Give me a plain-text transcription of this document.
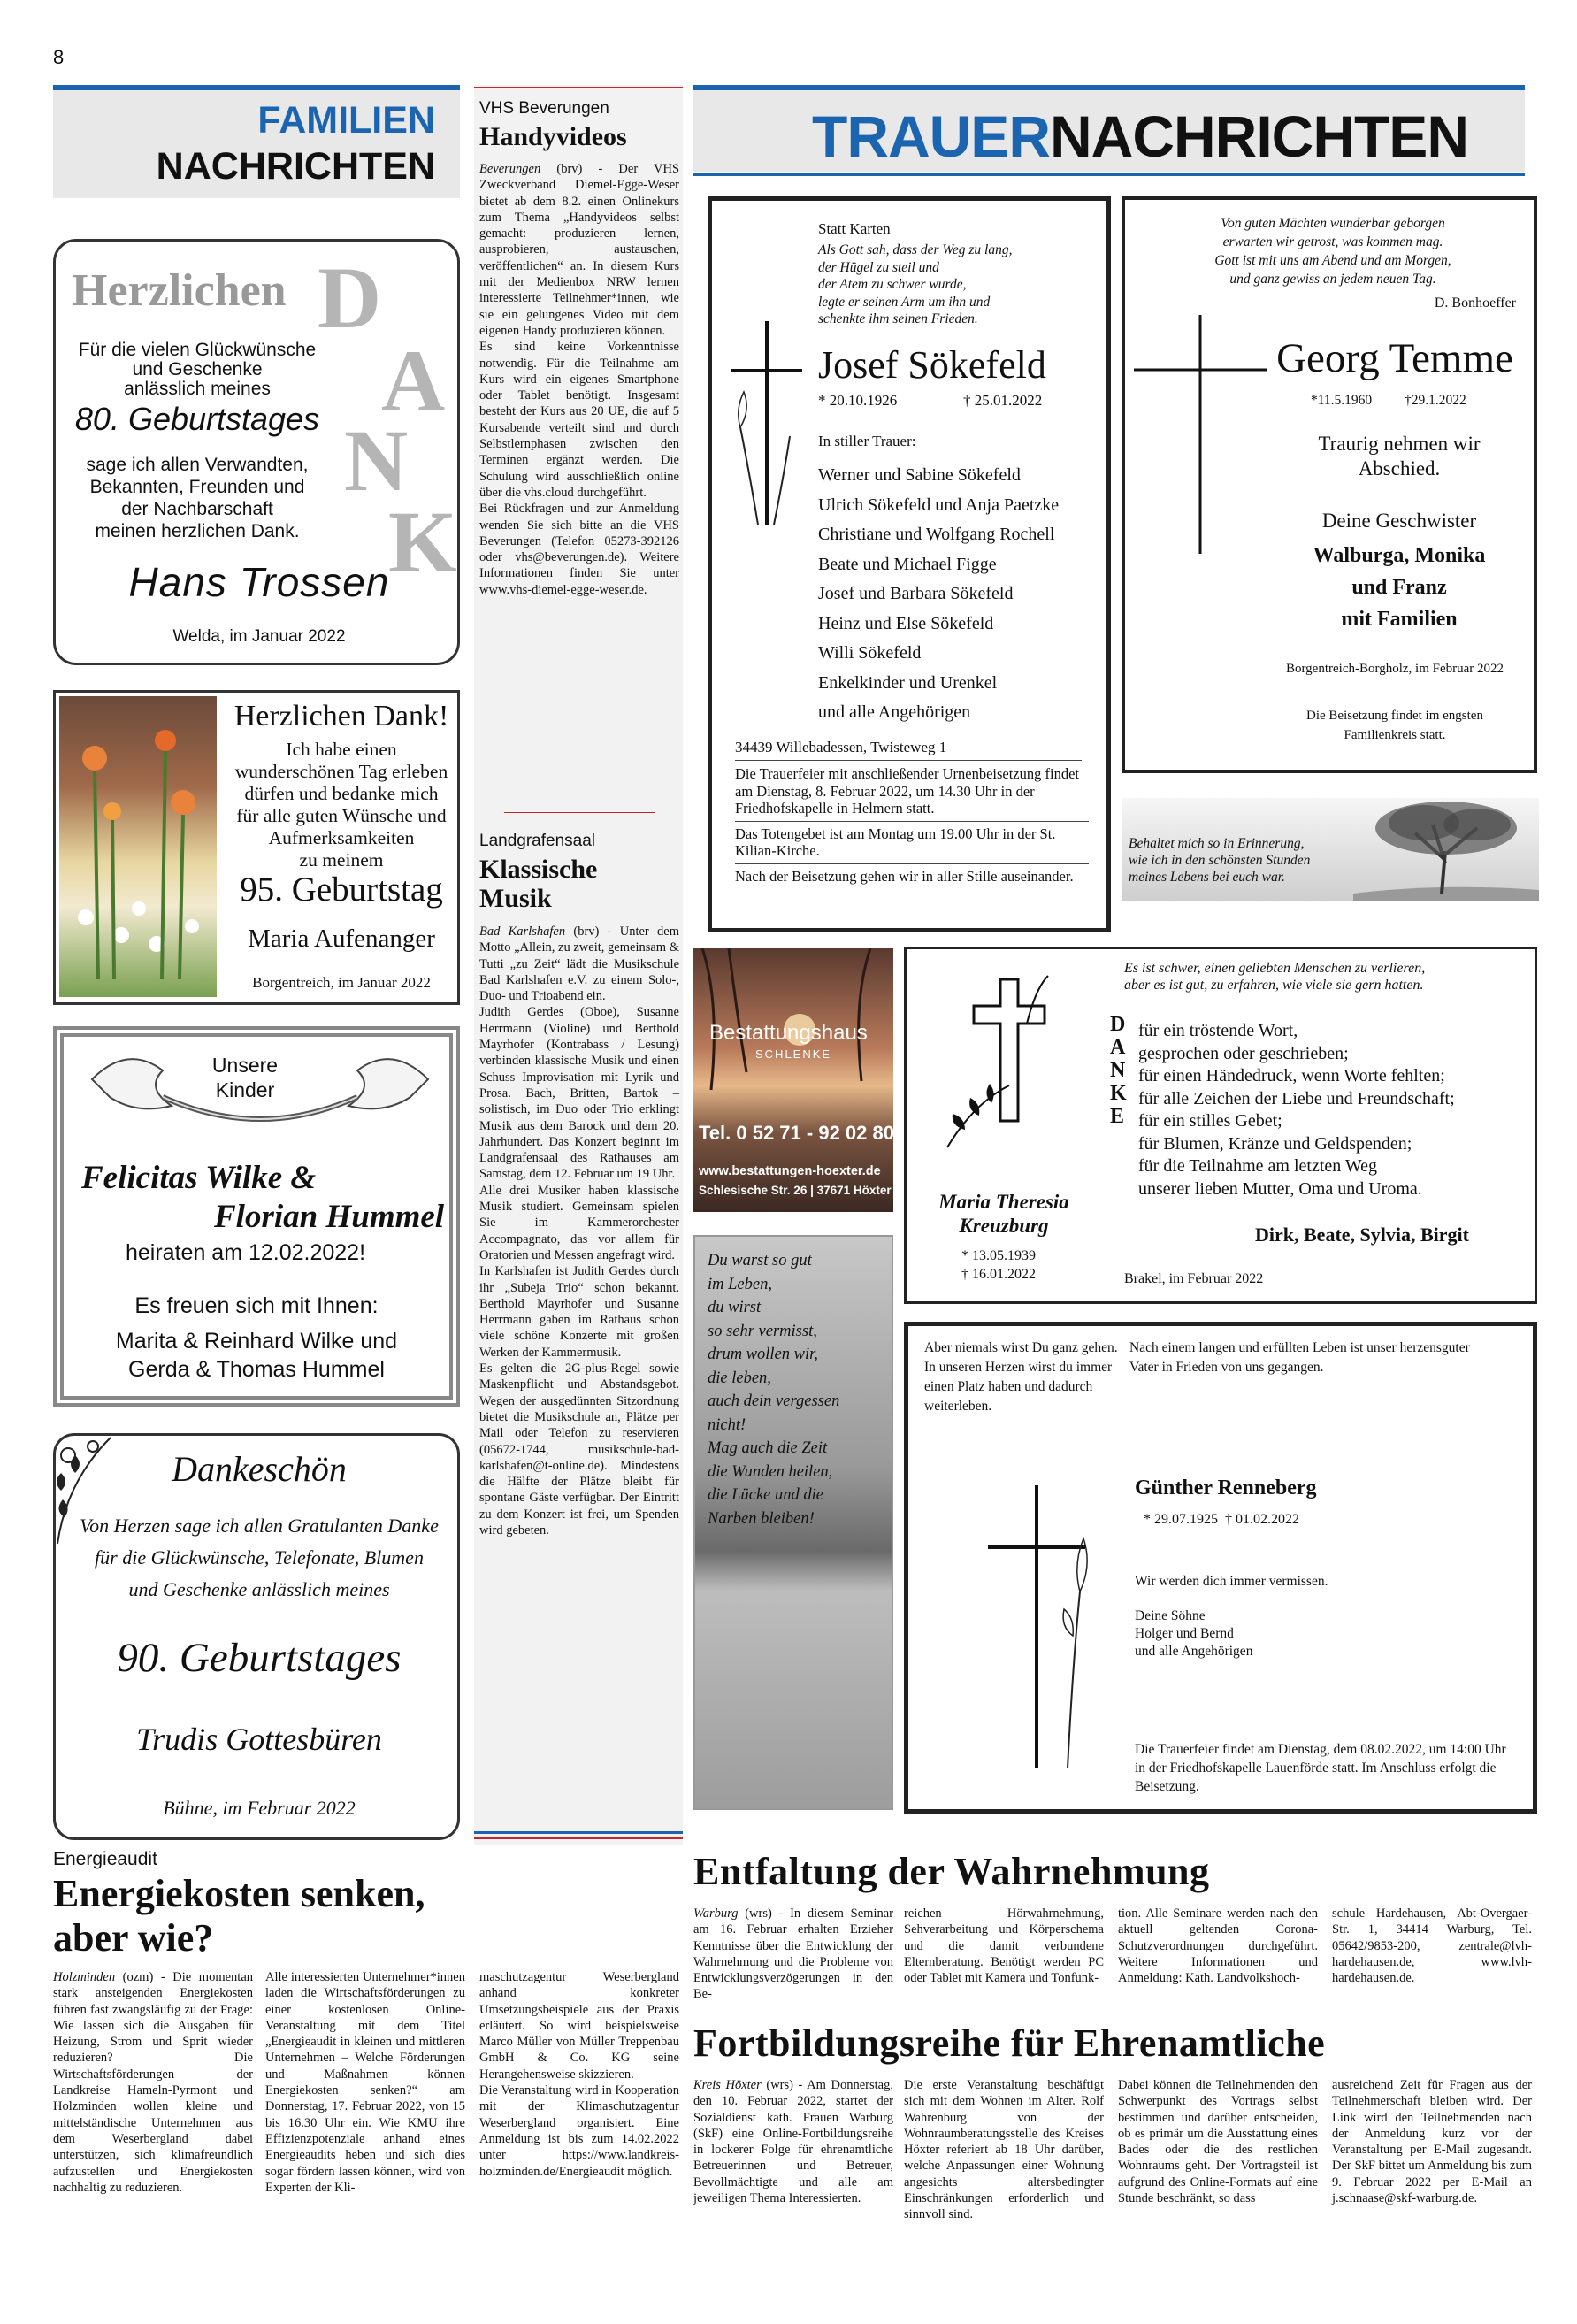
8
FAMILIEN
NACHRICHTEN
Herzlichen D
A
N
K
Für die vielen Glückwünsche
und Geschenke
anlässlich meines
80. Geburtstages
sage ich allen Verwandten,
Bekannten, Freunden und
der Nachbarschaft
meinen herzlichen Dank.
Hans Trossen
Welda, im Januar 2022
Herzlichen Dank!
Ich habe einen
wunderschönen Tag erleben
dürfen und bedanke mich
für alle guten Wünsche und
Aufmerksamkeiten
zu meinem
95. Geburtstag
Maria Aufenanger
Borgentreich, im Januar 2022
Unsere
Kinder
Felicitas Wilke &
Florian Hummel
heiraten am 12.02.2022!
Es freuen sich mit Ihnen:
Marita & Reinhard Wilke und
Gerda & Thomas Hummel
Dankeschön
Von Herzen sage ich allen Gratulanten Danke
für die Glückwünsche, Telefonate, Blumen
und Geschenke anlässlich meines
90. Geburtstages
Trudis Gottesbüren
Bühne, im Februar 2022
VHS Beverungen
Handyvideos

Beverungen (brv) - Der VHS Zweckverband Diemel-Egge-Weser bietet ab dem 8.2. einen Onlinekurs zum Thema „Handyvideos selbst gemacht: produzieren lernen, ausprobieren, austauschen, veröffentlichen“ an. In diesem Kurs mit der Medienbox NRW lernen interessierte Teilnehmer*innen, wie sie ein gelungenes Video mit dem eigenen Handy produzieren können.

Es sind keine Vorkenntnisse notwendig. Für die Teilnahme am Kurs wird ein eigenes Smartphone oder Tablet benötigt. Insgesamt besteht der Kurs aus 20 UE, die auf 5 Kursabende verteilt sind und durch Selbstlernphasen zwischen den Terminen ergänzt werden. Die Schulung wird ausschließlich online über die vhs.cloud durchgeführt.

Bei Rückfragen und zur Anmeldung wenden Sie sich bitte an die VHS Beverungen (Telefon 05273-392126 oder vhs@beverungen.de). Weitere Informationen finden Sie unter www.vhs-diemel-egge-weser.de.

Landgrafensaal
Klassische
Musik

Bad Karlshafen (brv) - Unter dem Motto „Allein, zu zweit, gemeinsam & Tutti „zu Zeit“ lädt die Musikschule Bad Karlshafen e.V. zu einem Solo-, Duo- und Trioabend ein.

Judith Gerdes (Oboe), Susanne Herrmann (Violine) und Berthold Mayrhofer (Kontrabass / Lesung) verbinden klassische Musik und einen Schuss Improvisation mit Lyrik und Prosa. Bach, Britten, Bartok – solistisch, im Duo oder Trio erklingt Musik aus dem Barock und dem 20. Jahrhundert. Das Konzert beginnt im Landgrafensaal des Rathauses am Samstag, dem 12. Februar um 19 Uhr.

Alle drei Musiker haben klassische Musik studiert. Gemeinsam spielen Sie im Kammerorchester Accompagnato, das vor allem für Oratorien und Messen angefragt wird.

In Karlshafen ist Judith Gerdes durch ihr „Subeja Trio“ schon bekannt. Berthold Mayrhofer und Susanne Herrmann gaben im Rathaus schon viele schöne Konzerte mit großen Werken der Kammermusik.

Es gelten die 2G-plus-Regel sowie Maskenpflicht und Abstandsgebot. Wegen der ausgedünnten Sitzordnung bietet die Musikschule an, Plätze per Mail oder Telefon zu reservieren (05672-1744, musikschule-bad-karlshafen@t-online.de). Mindestens die Hälfte der Plätze bleibt für spontane Gäste verfügbar. Der Eintritt zu dem Konzert ist frei, um Spenden wird gebeten.

TRAUERNACHRICHTEN
Statt Karten
Als Gott sah, dass der Weg zu lang,
der Hügel zu steil und
der Atem zu schwer wurde,
legte er seinen Arm um ihn und
schenkte ihm seinen Frieden.
Josef Sökefeld
* 20.10.1926	† 25.01.2022
In stiller Trauer:
Werner und Sabine Sökefeld
Ulrich Sökefeld und Anja Paetzke
Christiane und Wolfgang Rochell
Beate und Michael Figge
Josef und Barbara Sökefeld
Heinz und Else Sökefeld
Willi Sökefeld
Enkelkinder und Urenkel
und alle Angehörigen
34439 Willebadessen, Twisteweg 1

Die Trauerfeier mit anschließender Urnenbeisetzung findet am Dienstag, 8. Februar 2022, um 14.30 Uhr in der Friedhofskapelle in Helmern statt.

Das Totengebet ist am Montag um 19.00 Uhr in der St. Kilian-Kirche.

Nach der Beisetzung gehen wir in aller Stille auseinander.

Von guten Mächten wunderbar geborgen
erwarten wir getrost, was kommen mag.
Gott ist mit uns am Abend und am Morgen,
und ganz gewiss an jedem neuen Tag.
D. Bonhoeffer
Georg Temme
*11.5.1960 †29.1.2022
Traurig nehmen wir
Abschied.
Deine Geschwister
Walburga, Monika
und Franz
mit Familien
Borgentreich-Borgholz, im Februar 2022
Die Beisetzung findet im engsten
Familienkreis statt.
Behaltet mich so in Erinnerung,
wie ich in den schönsten Stunden
meines Lebens bei euch war.
Bestattungshaus
SCHLENKE
Tel. 0 52 71 - 92 02 80
www.bestattungen-hoexter.de
Schlesische Str. 26 | 37671 Höxter
Es ist schwer, einen geliebten Menschen zu verlieren,
aber es ist gut, zu erfahren, wie viele sie gern hatten.
D
A
N
K
E
für ein tröstende Wort,
gesprochen oder geschrieben;
für einen Händedruck, wenn Worte fehlten;
für alle Zeichen der Liebe und Freundschaft;
für ein stilles Gebet;
für Blumen, Kränze und Geldspenden;
für die Teilnahme am letzten Weg
unserer lieben Mutter, Oma und Uroma.
Maria Theresia
Kreuzburg
* 13.05.1939
† 16.01.2022
Dirk, Beate, Sylvia, Birgit
Brakel, im Februar 2022
Du warst so gut
im Leben,
du wirst
so sehr vermisst,
drum wollen wir,
die leben,
auch dein vergessen
nicht!
Mag auch die Zeit
die Wunden heilen,
die Lücke und die
Narben bleiben!
Aber niemals wirst Du ganz gehen. In unseren Herzen wirst du immer einen Platz haben und dadurch weiterleben.
Nach einem langen und erfüllten Leben ist unser herzensguter Vater in Frieden von uns gegangen.
Günther Renneberg
* 29.07.1925  † 01.02.2022
Wir werden dich immer vermissen.
Deine Söhne
Holger und Bernd
und alle Angehörigen
Die Trauerfeier findet am Dienstag, dem 08.02.2022, um 14:00 Uhr in der Friedhofskapelle Lauenförde statt. Im Anschluss erfolgt die Beisetzung.
Energieaudit
Energiekosten senken,
aber wie?

Holzminden (ozm) - Die momentan stark ansteigenden Energiekosten führen fast zwangsläufig zu der Frage: Wie lassen sich die Ausgaben für Heizung, Strom und Sprit wieder reduzieren? Die Wirtschaftsförderungen der Landkreise Hameln-Pyrmont und Holzminden wollen kleine und mittelständische Unternehmen aus dem Weserbergland dabei unterstützen, sich klimafreundlich aufzustellen und Energiekosten nachhaltig zu reduzieren.

Alle interessierten Unternehmer*innen laden die Wirtschaftsförderungen zu einer kostenlosen Online-Veranstaltung mit dem Titel „Energieaudit in kleinen und mittleren Unternehmen – Welche Förderungen und Maßnahmen können Energiekosten senken?“ am Donnerstag, 17. Februar 2022, von 15 bis 16.30 Uhr ein. Wie KMU ihre Effizienzpotenziale anhand eines Energieaudits heben und sich dies sogar fördern lassen können, wird von Experten der Kli-

maschutzagentur Weserbergland anhand konkreter Umsetzungsbeispiele aus der Praxis erläutert. So wird beispielsweise Marco Müller von Müller Treppenbau GmbH & Co. KG seine Herangehensweise skizzieren.

Die Veranstaltung wird in Kooperation mit der Klimaschutzagentur Weserbergland organisiert. Eine Anmeldung ist bis zum 14.02.2022 unter https://www.landkreis-holzminden.de/Energieaudit möglich.

Entfaltung der Wahrnehmung

Warburg (wrs) - In diesem Seminar am 16. Februar erhalten Erzieher Kenntnisse über die Entwicklung der Wahrnehmung und die Probleme von Entwicklungsverzögerungen in den Be-

reichen Hörwahrnehmung, Sehverarbeitung und Körperschema und die damit verbundene Elternberatung. Benötigt werden PC oder Tablet mit Kamera und Tonfunk-
tion. Alle Seminare werden nach den aktuell geltenden Corona-Schutzverordnungen durchgeführt. Weitere Informationen und Anmeldung: Kath. Landvolkshoch-
schule Hardehausen, Abt-Overgaer-Str. 1, 34414 Warburg, Tel. 05642/9853-200, zentrale@lvh-hardehausen.de, www.lvh-hardehausen.de.
Fortbildungsreihe für Ehrenamtliche

Kreis Höxter (wrs) - Am Donnerstag, den 10. Februar 2022, startet der Sozialdienst kath. Frauen Warburg (SkF) eine Online-Fortbildungsreihe in lockerer Folge für ehrenamtliche Betreuerinnen und Betreuer, Bevollmächtigte und alle am jeweiligen Thema Interessierten.

Die erste Veranstaltung beschäftigt sich mit dem Wohnen im Alter. Rolf Wahrenburg von der Wohnraumberatungsstelle des Kreises Höxter referiert ab 18 Uhr darüber, welche Anpassungen einer Wohnung angesichts altersbedingter Einschränkungen erforderlich und sinnvoll sind.
Dabei können die Teilnehmenden den Schwerpunkt des Vortrags selbst bestimmen und darüber entscheiden, ob es primär um die Ausstattung eines Bades oder die des restlichen Wohnraums geht. Der Vortragsteil ist aufgrund des Online-Formats auf eine Stunde beschränkt, so dass
ausreichend Zeit für Fragen aus der Teilnehmerschaft bleiben wird. Der Link wird den Teilnehmenden nach der Anmeldung kurz vor der Veranstaltung per E-Mail zugesandt. Der SkF bittet um Anmeldung bis zum 9. Februar 2022 per E-Mail an j.schnaase@skf-warburg.de.
